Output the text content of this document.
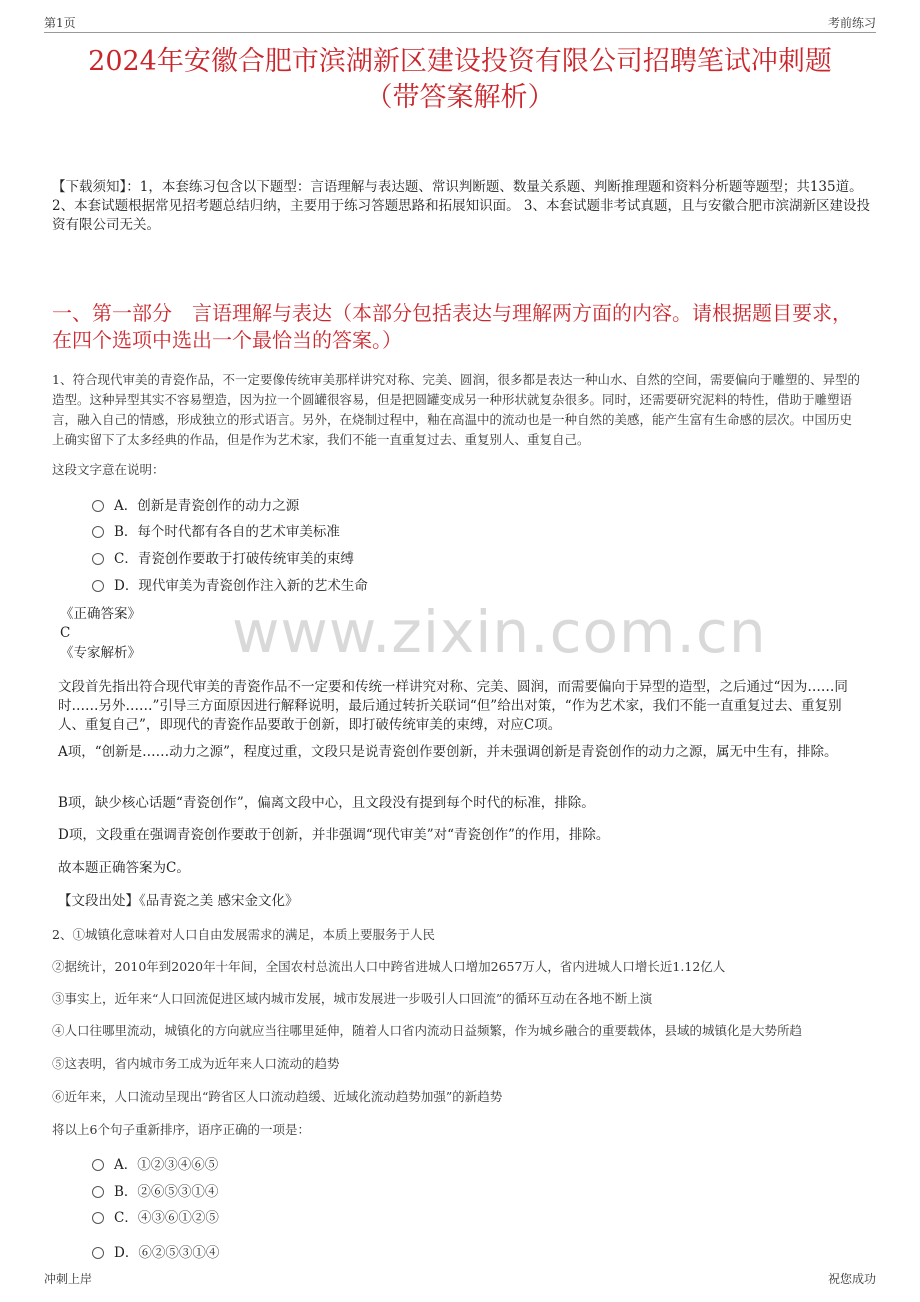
第1页	考前练习
2024年安徽合肥市滨湖新区建设投资有限公司招聘笔试冲刺题
（带答案解析）
【下载须知】：1，本套练习包含以下题型：言语理解与表达题、常识判断题、数量关系题、判断推理题和资料分析题等题型；共135道。 2、本套试题根据常见招考题总结归纳，主要用于练习答题思路和拓展知识面。 3、本套试题非考试真题，且与安徽合肥市滨湖新区建设投资有限公司无关。
一、第一部分　言语理解与表达（本部分包括表达与理解两方面的内容。请根据题目要求，在四个选项中选出一个最恰当的答案。）
1、符合现代审美的青瓷作品，不一定要像传统审美那样讲究对称、完美、圆润，很多都是表达一种山水、自然的空间，需要偏向于雕塑的、异型的造型。这种异型其实不容易塑造，因为拉一个圆罐很容易，但是把圆罐变成另一种形状就复杂很多。同时，还需要研究泥料的特性，借助于雕塑语言，融入自己的情感，形成独立的形式语言。另外，在烧制过程中，釉在高温中的流动也是一种自然的美感，能产生富有生命感的层次。中国历史上确实留下了太多经典的作品，但是作为艺术家，我们不能一直重复过去、重复别人、重复自己。
这段文字意在说明：
A．创新是青瓷创作的动力之源
B．每个时代都有各自的艺术审美标准
C．青瓷创作要敢于打破传统审美的束缚
D．现代审美为青瓷创作注入新的艺术生命
《正确答案》
C
《专家解析》 www.zixin.com.cn
文段首先指出符合现代审美的青瓷作品不一定要和传统一样讲究对称、完美、圆润，而需要偏向于异型的造型，之后通过“因为……同时……另外……”引导三方面原因进行解释说明，最后通过转折关联词“但”给出对策，“作为艺术家，我们不能一直重复过去、重复别人、重复自己”，即现代的青瓷作品要敢于创新，即打破传统审美的束缚，对应C项。
A项，“创新是……动力之源”，程度过重，文段只是说青瓷创作要创新，并未强调创新是青瓷创作的动力之源，属无中生有，排除。
B项，缺少核心话题“青瓷创作”，偏离文段中心，且文段没有提到每个时代的标准，排除。
D项，文段重在强调青瓷创作要敢于创新，并非强调“现代审美”对“青瓷创作”的作用，排除。
故本题正确答案为C。
【文段出处】《品青瓷之美 感宋金文化》
2、①城镇化意味着对人口自由发展需求的满足，本质上要服务于人民
②据统计，2010年到2020年十年间，全国农村总流出人口中跨省进城人口增加2657万人，省内进城人口增长近1.12亿人
③事实上，近年来“人口回流促进区域内城市发展，城市发展进一步吸引人口回流”的循环互动在各地不断上演
④人口往哪里流动，城镇化的方向就应当往哪里延伸，随着人口省内流动日益频繁，作为城乡融合的重要载体，县域的城镇化是大势所趋
⑤这表明，省内城市务工成为近年来人口流动的趋势
⑥近年来，人口流动呈现出“跨省区人口流动趋缓、近域化流动趋势加强”的新趋势
将以上6个句子重新排序，语序正确的一项是：
A．①②③④⑥⑤
B．②⑥⑤③①④
C．④③⑥①②⑤
D．⑥②⑤③①④
冲刺上岸	祝您成功
